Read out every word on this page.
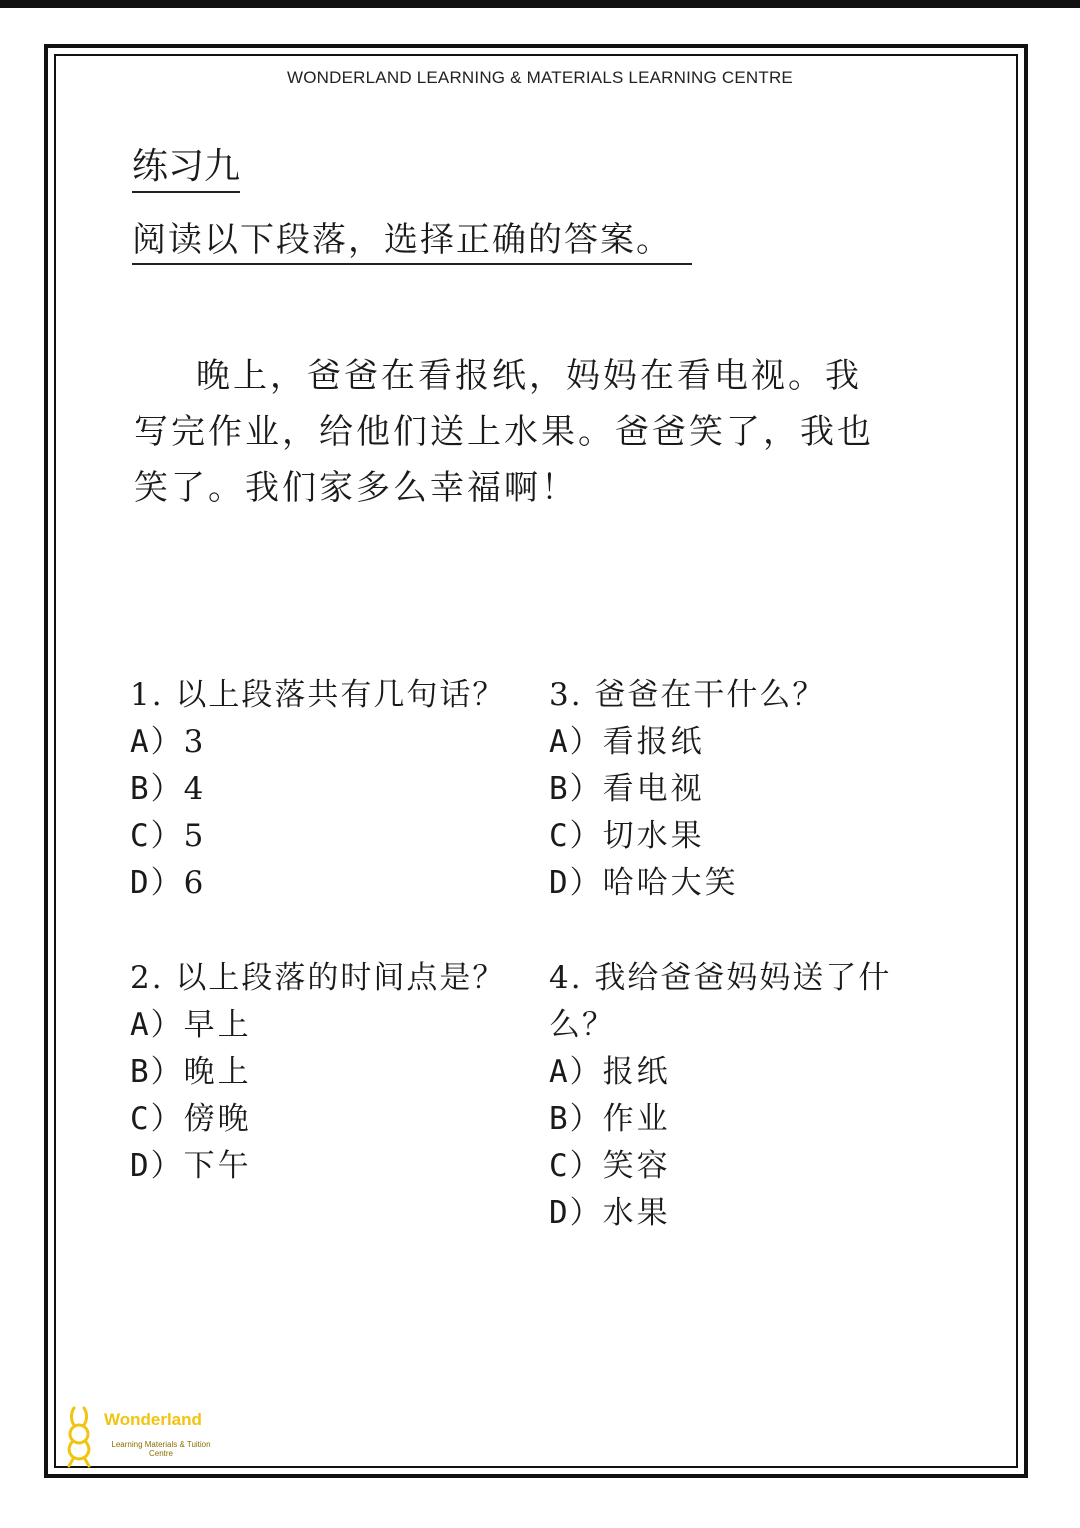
WONDERLAND LEARNING & MATERIALS LEARNING CENTRE
练习九
阅读以下段落，选择正确的答案。
晚上，爸爸在看报纸，妈妈在看电视。我
写完作业，给他们送上水果。爸爸笑了，我也
笑了。我们家多么幸福啊！
1. 以上段落共有几句话？
A）3
B）4
C）5
D）6
2. 以上段落的时间点是？
A）早上
B）晚上
C）傍晚
D）下午
3. 爸爸在干什么？
A）看报纸
B）看电视
C）切水果
D）哈哈大笑
4. 我给爸爸妈妈送了什么？
A）报纸
B）作业
C）笑容
D）水果
Wonderland
Learning Materials & Tuition Centre
